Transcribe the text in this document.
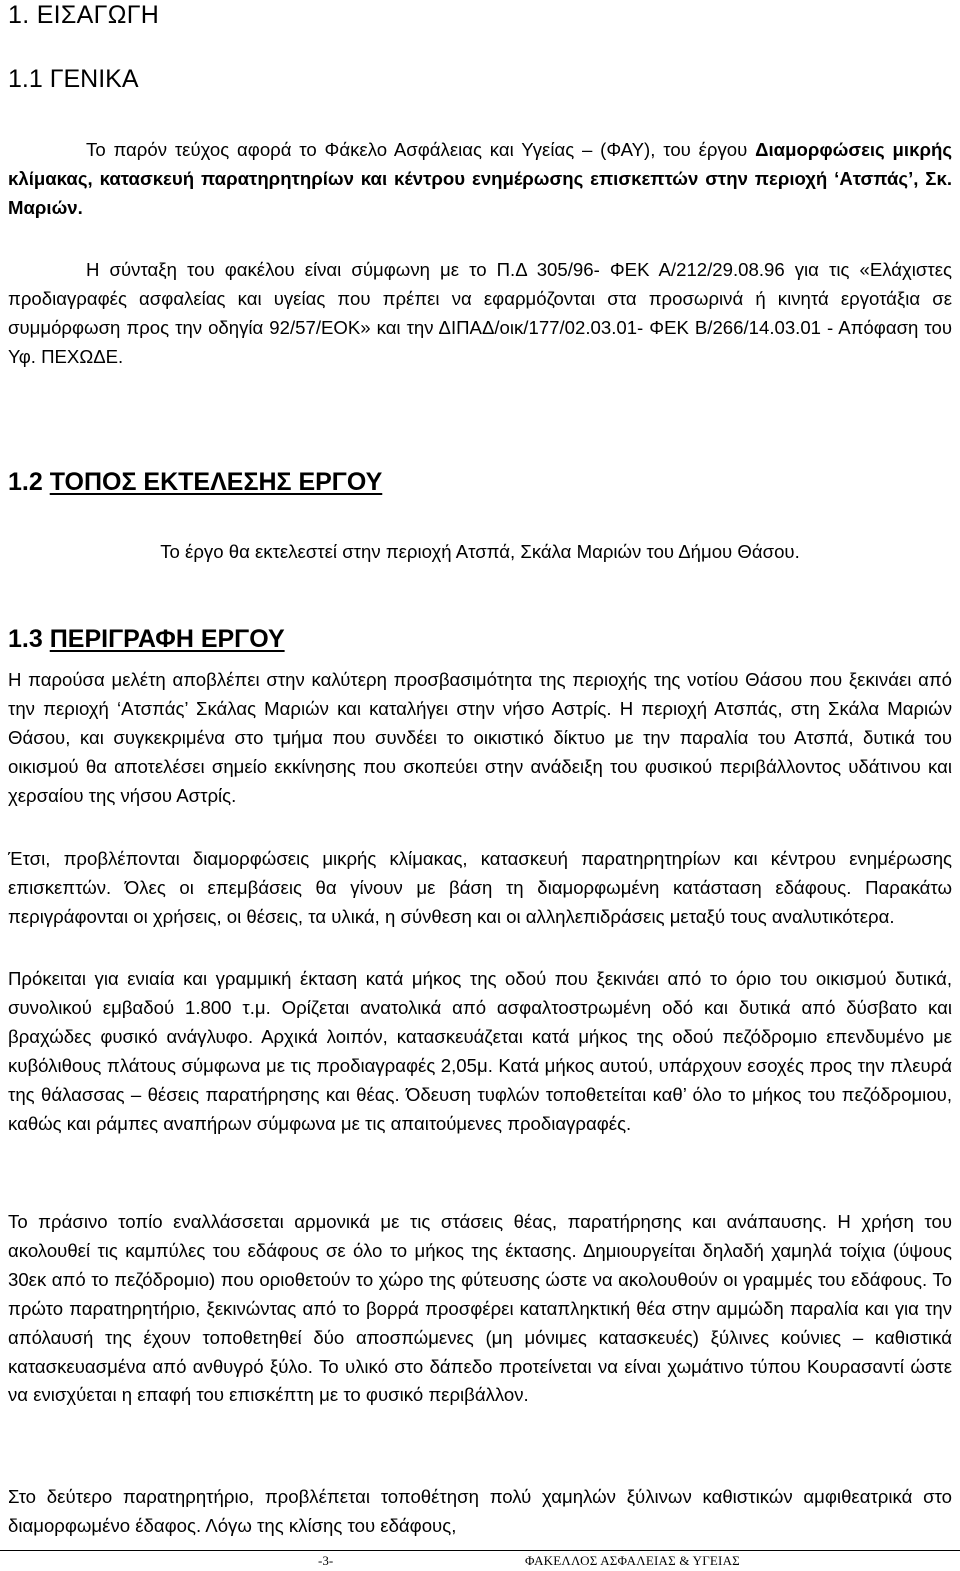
1. ΕΙΣΑΓΩΓΗ
1.1 ΓΕΝΙΚΑ

Το παρόν τεύχος αφορά το Φάκελο Ασφάλειας και Υγείας – (ΦΑΥ), του έργου Διαμορφώσεις μικρής κλίμακας, κατασκευή παρατηρητηρίων και κέντρου ενημέρωσης επισκεπτών στην περιοχή ‘Ατσπάς’, Σκ. Μαριών.

Η σύνταξη του φακέλου είναι σύμφωνη με το Π.Δ 305/96- ΦΕΚ Α/212/29.08.96 για τις «Ελάχιστες προδιαγραφές ασφαλείας και υγείας που πρέπει να εφαρμόζονται στα προσωρινά ή κινητά εργοτάξια σε συμμόρφωση προς την οδηγία 92/57/ΕΟΚ» και την ΔΙΠΑΔ/οικ/177/02.03.01- ΦΕΚ Β/266/14.03.01 - Απόφαση του Υφ. ΠΕΧΩΔΕ.

1.2 ΤΟΠΟΣ ΕΚΤΕΛΕΣΗΣ ΕΡΓΟΥ
Το έργο θα εκτελεστεί στην περιοχή Ατσπά, Σκάλα Μαριών του Δήμου Θάσου.
1.3 ΠΕΡΙΓΡΑΦΗ ΕΡΓΟΥ

Η παρούσα μελέτη αποβλέπει στην καλύτερη προσβασιμότητα της περιοχής της νοτίου Θάσου που ξεκινάει από την περιοχή ‘Ατσπάς’ Σκάλας Μαριών και καταλήγει στην νήσο Αστρίς. Η περιοχή Ατσπάς, στη Σκάλα Μαριών Θάσου, και συγκεκριμένα στο τμήμα που συνδέει το οικιστικό δίκτυο με την παραλία του Ατσπά, δυτικά του οικισμού θα αποτελέσει σημείο εκκίνησης που σκοπεύει στην ανάδειξη του φυσικού περιβάλλοντος υδάτινου και χερσαίου της νήσου Αστρίς.

Έτσι, προβλέπονται διαμορφώσεις μικρής κλίμακας, κατασκευή παρατηρητηρίων και κέντρου ενημέρωσης επισκεπτών. Όλες οι επεμβάσεις θα γίνουν με βάση τη διαμορφωμένη κατάσταση εδάφους. Παρακάτω περιγράφονται οι χρήσεις, οι θέσεις, τα υλικά, η σύνθεση και οι αλληλεπιδράσεις μεταξύ τους αναλυτικότερα.

Πρόκειται για ενιαία και γραμμική έκταση κατά μήκος της οδού που ξεκινάει από το όριο του οικισμού δυτικά, συνολικού εμβαδού 1.800 τ.μ. Ορίζεται ανατολικά από ασφαλτοστρωμένη οδό και δυτικά από δύσβατο και βραχώδες φυσικό ανάγλυφο. Αρχικά λοιπόν, κατασκευάζεται κατά μήκος της οδού πεζόδρομιο επενδυμένο με κυβόλιθους πλάτους σύμφωνα με τις προδιαγραφές 2,05μ. Κατά μήκος αυτού, υπάρχουν εσοχές προς την πλευρά της θάλασσας – θέσεις παρατήρησης και θέας. Όδευση τυφλών τοποθετείται καθ’ όλο το μήκος του πεζόδρομιου, καθώς και ράμπες αναπήρων σύμφωνα με τις απαιτούμενες προδιαγραφές.

Το πράσινο τοπίο εναλλάσσεται αρμονικά με τις στάσεις θέας, παρατήρησης και ανάπαυσης. Η χρήση του ακολουθεί τις καμπύλες του εδάφους σε όλο το μήκος της έκτασης. Δημιουργείται δηλαδή χαμηλά τοίχια (ύψους 30εκ από το πεζόδρομιο) που οριοθετούν το χώρο της φύτευσης ώστε να ακολουθούν οι γραμμές του εδάφους. Το πρώτο παρατηρητήριο, ξεκινώντας από το βορρά προσφέρει καταπληκτική θέα στην αμμώδη παραλία και για την απόλαυσή της έχουν τοποθετηθεί δύο αποσπώμενες (μη μόνιμες κατασκευές) ξύλινες κούνιες – καθιστικά κατασκευασμένα από ανθυγρό ξύλο. Το υλικό στο δάπεδο προτείνεται να είναι χωμάτινο τύπου Κουρασαντί ώστε να ενισχύεται η επαφή του επισκέπτη με το φυσικό περιβάλλον.

Στο δεύτερο παρατηρητήριο, προβλέπεται τοποθέτηση πολύ χαμηλών ξύλινων καθιστικών αμφιθεατρικά στο διαμορφωμένο έδαφος. Λόγω της κλίσης του εδάφους,

-3-	ΦΑΚΕΛΛΟΣ ΑΣΦΑΛΕΙΑΣ & ΥΓΕΙΑΣ
